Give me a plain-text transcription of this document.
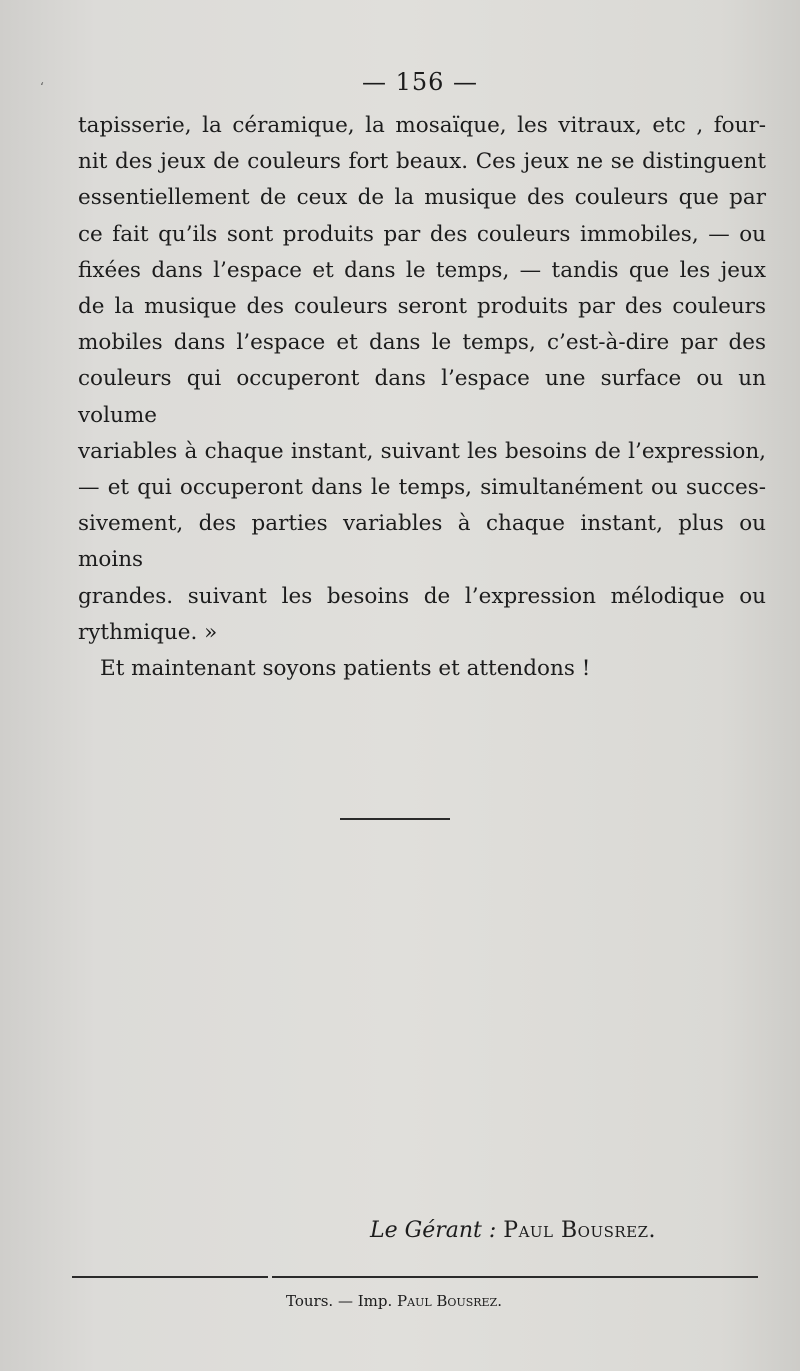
‘	— 156 —

tapisserie, la céramique, la mosaïque, les vitraux, etc , four-

nit des jeux de couleurs fort beaux. Ces jeux ne se distinguent

essentiellement de ceux de la musique des couleurs que par

ce fait qu’ils sont produits par des couleurs immobiles, — ou

fixées dans l’espace et dans le temps, — tandis que les jeux

de la musique des couleurs seront produits par des couleurs

mobiles dans l’espace et dans le temps, c’est-à-dire par des

couleurs qui occuperont dans l’espace une surface ou un volume

variables à chaque instant, suivant les besoins de l’expression,

— et qui occuperont dans le temps, simultanément ou succes-

sivement, des parties variables à chaque instant, plus ou moins

grandes. suivant les besoins de l’expression mélodique ou

rythmique. »

Et maintenant soyons patients et attendons !

Le Gérant : Paul Bousrez.
Tours. — Imp. Paul Bousrez.
